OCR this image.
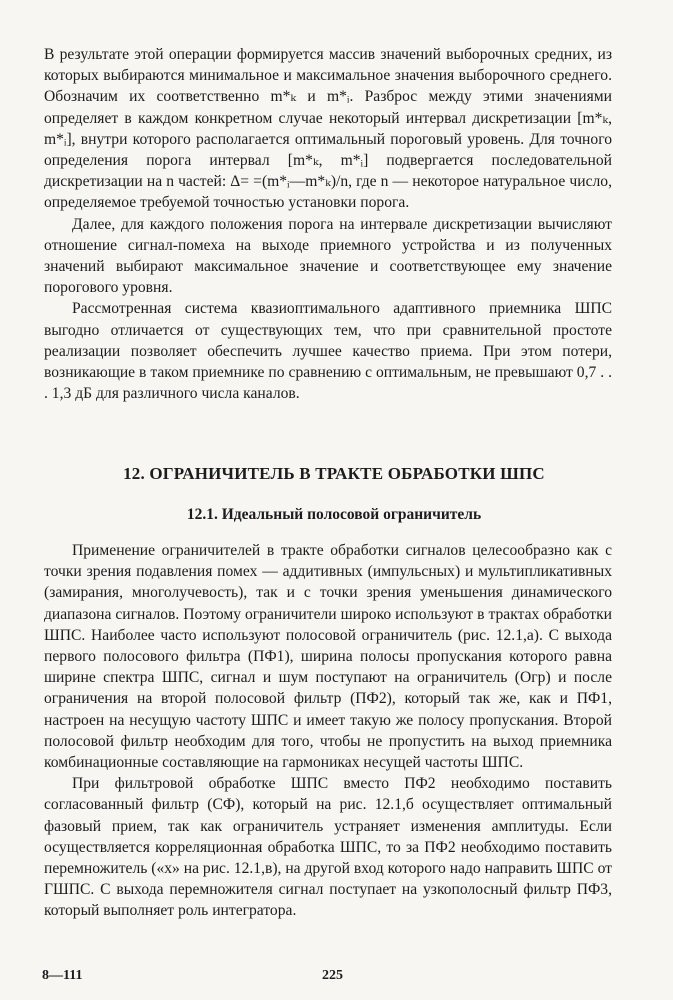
В результате этой операции формируется массив значений выборочных средних, из которых выбираются минимальное и максимальное значения выборочного среднего. Обозначим их соответственно m*ₖ и m*ᵢ. Разброс между этими значениями определяет в каждом конкретном случае некоторый интервал дискретизации [m*ₖ, m*ᵢ], внутри которого располагается оптимальный пороговый уровень. Для точного определения порога интервал [m*ₖ, m*ᵢ] подвергается последовательной дискретизации на n частей: Δ= =(m*ᵢ—m*ₖ)/n, где n — некоторое натуральное число, определяемое требуемой точностью установки порога.

Далее, для каждого положения порога на интервале дискретизации вычисляют отношение сигнал-помеха на выходе приемного устройства и из полученных значений выбирают максимальное значение и соответствующее ему значение порогового уровня.

Рассмотренная система квазиоптимального адаптивного приемника ШПС выгодно отличается от существующих тем, что при сравнительной простоте реализации позволяет обеспечить лучшее качество приема. При этом потери, возникающие в таком приемнике по сравнению с оптимальным, не превышают 0,7 . . . 1,3 дБ для различного числа каналов.

12. ОГРАНИЧИТЕЛЬ В ТРАКТЕ ОБРАБОТКИ ШПС
12.1. Идеальный полосовой ограничитель

Применение ограничителей в тракте обработки сигналов целесообразно как с точки зрения подавления помех — аддитивных (импульсных) и мультипликативных (замирания, многолучевость), так и с точки зрения уменьшения динамического диапазона сигналов. Поэтому ограничители широко используют в трактах обработки ШПС. Наиболее часто используют полосовой ограничитель (рис. 12.1,а). С выхода первого полосового фильтра (ПФ1), ширина полосы пропускания которого равна ширине спектра ШПС, сигнал и шум поступают на ограничитель (Огр) и после ограничения на второй полосовой фильтр (ПФ2), который так же, как и ПФ1, настроен на несущую частоту ШПС и имеет такую же полосу пропускания. Второй полосовой фильтр необходим для того, чтобы не пропустить на выход приемника комбинационные составляющие на гармониках несущей частоты ШПС.

При фильтровой обработке ШПС вместо ПФ2 необходимо поставить согласованный фильтр (СФ), который на рис. 12.1,б осуществляет оптимальный фазовый прием, так как ограничитель устраняет изменения амплитуды. Если осуществляется корреляционная обработка ШПС, то за ПФ2 необходимо поставить перемножитель («х» на рис. 12.1,в), на другой вход которого надо направить ШПС от ГШПС. С выхода перемножителя сигнал поступает на узкополосный фильтр ПФ3, который выполняет роль интегратора.

8—111	225
